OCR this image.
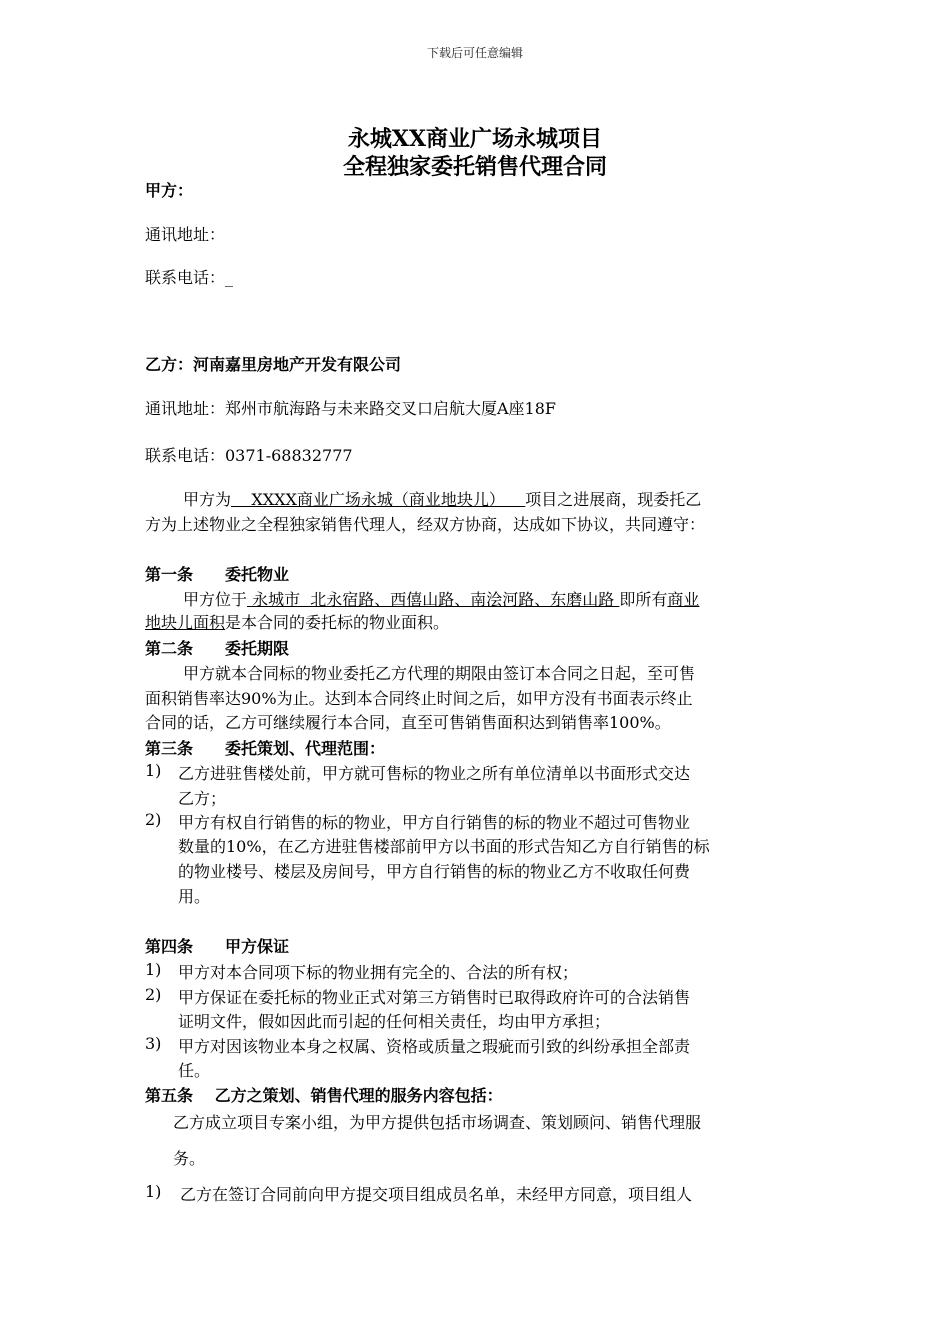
下载后可任意编辑
永城XX商业广场永城项目
全程独家委托销售代理合同
甲方：
通讯地址：
联系电话：_
乙方：河南嘉里房地产开发有限公司
通讯地址：郑州市航海路与未来路交叉口启航大厦A座18F
联系电话：0371-68832777
甲方为    XXXX商业广场永城（商业地块儿）    项目之进展商，现委托乙
方为上述物业之全程独家销售代理人，经双方协商，达成如下协议，共同遵守：
第一条　　委托物业
甲方位于 永城市  北永宿路、西僖山路、南浍河路、东磨山路 即所有商业
地块儿面积是本合同的委托标的物业面积。
第二条　　委托期限
甲方就本合同标的物业委托乙方代理的期限由签订本合同之日起，至可售
面积销售率达90%为止。达到本合同终止时间之后，如甲方没有书面表示终止
合同的话，乙方可继续履行本合同，直至可售销售面积达到销售率100%。
第三条　　委托策划、代理范围：
1) 乙方进驻售楼处前，甲方就可售标的物业之所有单位清单以书面形式交达
乙方；
2) 甲方有权自行销售的标的物业，甲方自行销售的标的物业不超过可售物业
数量的10%，在乙方进驻售楼部前甲方以书面的形式告知乙方自行销售的标
的物业楼号、楼层及房间号，甲方自行销售的标的物业乙方不收取任何费
用。
第四条　　甲方保证
1) 甲方对本合同项下标的物业拥有完全的、合法的所有权；
2) 甲方保证在委托标的物业正式对第三方销售时已取得政府许可的合法销售
证明文件，假如因此而引起的任何相关责任，均由甲方承担；
3) 甲方对因该物业本身之权属、资格或质量之瑕疵而引致的纠纷承担全部责
任。
第五条　 乙方之策划、销售代理的服务内容包括：
乙方成立项目专案小组，为甲方提供包括市场调查、策划顾问、销售代理服
务。
1) 乙方在签订合同前向甲方提交项目组成员名单，未经甲方同意，项目组人
